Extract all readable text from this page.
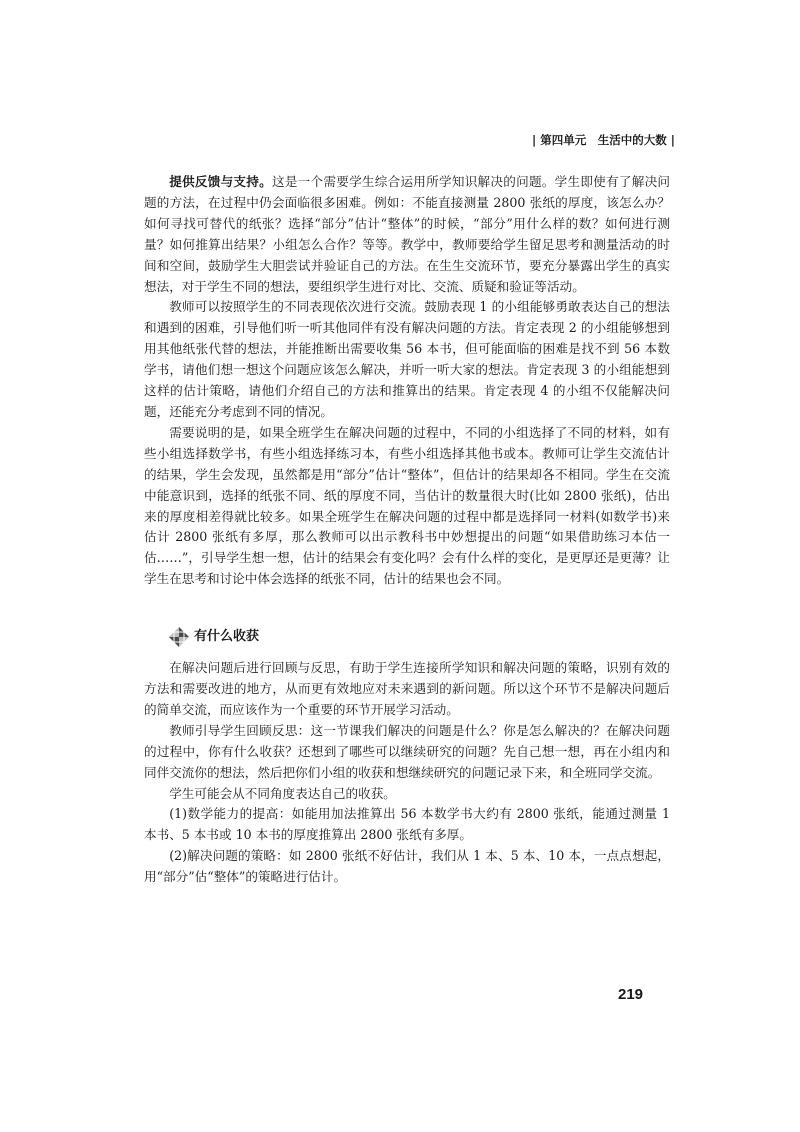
| 第四单元　生活中的大数 |

提供反馈与支持。这是一个需要学生综合运用所学知识解决的问题。学生即使有了解决问题的方法，在过程中仍会面临很多困难。例如：不能直接测量 2800 张纸的厚度，该怎么办？如何寻找可替代的纸张？选择“部分”估计“整体”的时候，“部分”用什么样的数？如何进行测量？如何推算出结果？小组怎么合作？等等。教学中，教师要给学生留足思考和测量活动的时间和空间，鼓励学生大胆尝试并验证自己的方法。在生生交流环节，要充分暴露出学生的真实想法，对于学生不同的想法，要组织学生进行对比、交流、质疑和验证等活动。

教师可以按照学生的不同表现依次进行交流。鼓励表现 1 的小组能够勇敢表达自己的想法和遇到的困难，引导他们听一听其他同伴有没有解决问题的方法。肯定表现 2 的小组能够想到用其他纸张代替的想法，并能推断出需要收集 56 本书，但可能面临的困难是找不到 56 本数学书，请他们想一想这个问题应该怎么解决，并听一听大家的想法。肯定表现 3 的小组能想到这样的估计策略，请他们介绍自己的方法和推算出的结果。肯定表现 4 的小组不仅能解决问题，还能充分考虑到不同的情况。

需要说明的是，如果全班学生在解决问题的过程中，不同的小组选择了不同的材料，如有些小组选择数学书，有些小组选择练习本，有些小组选择其他书或本。教师可让学生交流估计的结果，学生会发现，虽然都是用“部分”估计“整体”，但估计的结果却各不相同。学生在交流中能意识到，选择的纸张不同、纸的厚度不同，当估计的数量很大时(比如 2800 张纸)，估出来的厚度相差得就比较多。如果全班学生在解决问题的过程中都是选择同一材料(如数学书)来估计 2800 张纸有多厚，那么教师可以出示教科书中妙想提出的问题“如果借助练习本估一估……”，引导学生想一想，估计的结果会有变化吗？会有什么样的变化，是更厚还是更薄？让学生在思考和讨论中体会选择的纸张不同，估计的结果也会不同。

有什么收获

在解决问题后进行回顾与反思，有助于学生连接所学知识和解决问题的策略，识别有效的方法和需要改进的地方，从而更有效地应对未来遇到的新问题。所以这个环节不是解决问题后的简单交流，而应该作为一个重要的环节开展学习活动。

教师引导学生回顾反思：这一节课我们解决的问题是什么？你是怎么解决的？在解决问题的过程中，你有什么收获？还想到了哪些可以继续研究的问题？先自己想一想，再在小组内和同伴交流你的想法，然后把你们小组的收获和想继续研究的问题记录下来，和全班同学交流。

学生可能会从不同角度表达自己的收获。

(1)数学能力的提高：如能用加法推算出 56 本数学书大约有 2800 张纸，能通过测量 1 本书、5 本书或 10 本书的厚度推算出 2800 张纸有多厚。

(2)解决问题的策略：如 2800 张纸不好估计，我们从 1 本、5 本、10 本，一点点想起，用“部分”估“整体”的策略进行估计。

219
